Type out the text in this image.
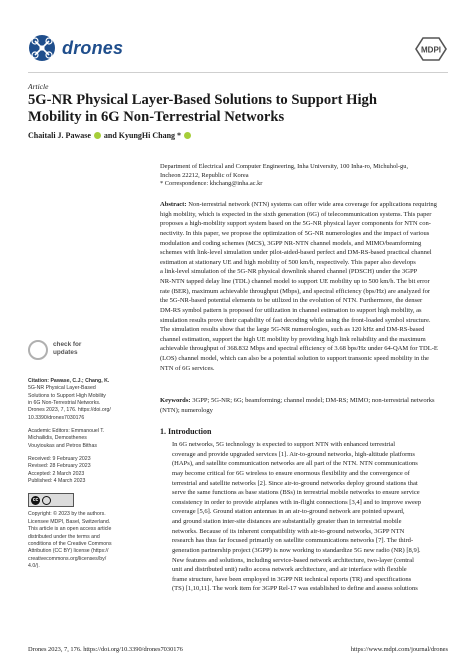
drones	MDPI
Article
5G-NR Physical Layer-Based Solutions to Support High
Mobility in 6G Non-Terrestrial Networks
Chaitali J. Pawase  and KyungHi Chang *
Department of Electrical and Computer Engineering, Inha University, 100 Inha-ro, Michuhol-gu,
Incheon 22212, Republic of Korea
* Correspondence: khchang@inha.ac.kr
Abstract: Non-terrestrial network (NTN) systems can offer wide area coverage for applications requiring
high mobility, which is expected in the sixth generation (6G) of telecommunication systems. This paper
proposes a high-mobility support system based on the 5G-NR physical layer components for NTN con-
nectivity. In this paper, we propose the optimization of 5G-NR numerologies and the impact of various
modulation and coding schemes (MCS), 3GPP NR-NTN channel models, and MIMO/beamforming
schemes with link-level simulation under pilot-aided-based perfect and DM-RS-based practical channel
estimation at stationary UE and high mobility of 500 km/h, respectively. This paper also develops
a link-level simulation of the 5G-NR physical downlink shared channel (PDSCH) under the 3GPP
NR-NTN tapped delay line (TDL) channel model to support UE mobility up to 500 km/h. The bit error
rate (BER), maximum achievable throughput (Mbps), and spectral efficiency (bps/Hz) are analyzed for
the 5G-NR-based potential elements to be utilized in the evolution of NTN. Furthermore, the denser
DM-RS symbol pattern is proposed for utilization in channel estimation to support high mobility, as
simulation results prove their capability of fast decoding while using the front-loaded symbol structure.
The simulation results show that the large 5G-NR numerologies, such as 120 kHz and DM-RS-based
channel estimation, support the high UE mobility by providing high link reliability and the maximum
achievable throughput of 368.832 Mbps and spectral efficiency of 3.68 bps/Hz under 64-QAM for TDL-E
(LOS) channel model, which can also be a potential solution to support transonic speed mobility in the
NTN of 6G services.
Keywords: 3GPP; 5G-NR; 6G; beamforming; channel model; DM-RS; MIMO; non-terrestrial networks
(NTN); numerology
1. Introduction
In 6G networks, 5G technology is expected to support NTN with enhanced terrestrial
coverage and provide upgraded services [1]. Air-to-ground networks, high-altitude platforms
(HAPs), and satellite communication networks are all part of the NTN. NTN communications
may become critical for 6G wireless to ensure enormous flexibility and the convergence of
terrestrial and satellite networks [2]. Since air-to-ground networks deploy ground stations that
serve the same functions as base stations (BSs) in terrestrial mobile networks to ensure service
consistency in order to provide airplanes with in-flight connections [3,4] and to improve sweep
coverage [5,6]. Ground station antennas in an air-to-ground network are pointed upward,
and ground station inter-site distances are substantially greater than in terrestrial mobile
networks. Because of its inherent compatibility with air-to-ground networks, 3GPP NTN
research has thus far focused primarily on satellite communications networks [7]. The third-
generation partnership project (3GPP) is now working to standardize 5G new radio (NR) [8,9].
New features and solutions, including service-based network architecture, two-layer (central
unit and distributed unit) radio access network architecture, and air interface with flexible
frame structure, have been employed in 3GPP NR technical reports (TR) and specifications
(TS) [1,10,11]. The work item for 3GPP Rel-17 was established to define and assess solutions
check for
updates
Citation: Pawase, C.J.; Chang, K.
5G-NR Physical Layer-Based
Solutions to Support High Mobility
in 6G Non-Terrestrial Networks.
Drones 2023, 7, 176. https://doi.org/
10.3390/drones7030176
Academic Editors: Emmanouel T.
Michailidis, Demosthenes
Vouyioukas and Petros Bithas
Received: 9 February 2023
Revised: 28 February 2023
Accepted: 2 March 2023
Published: 4 March 2023
cc
Copyright: © 2023 by the authors.
Licensee MDPI, Basel, Switzerland.
This article is an open access article
distributed under the terms and
conditions of the Creative Commons
Attribution (CC BY) license (https://
creativecommons.org/licenses/by/
4.0/).
Drones 2023, 7, 176. https://doi.org/10.3390/drones7030176	https://www.mdpi.com/journal/drones
